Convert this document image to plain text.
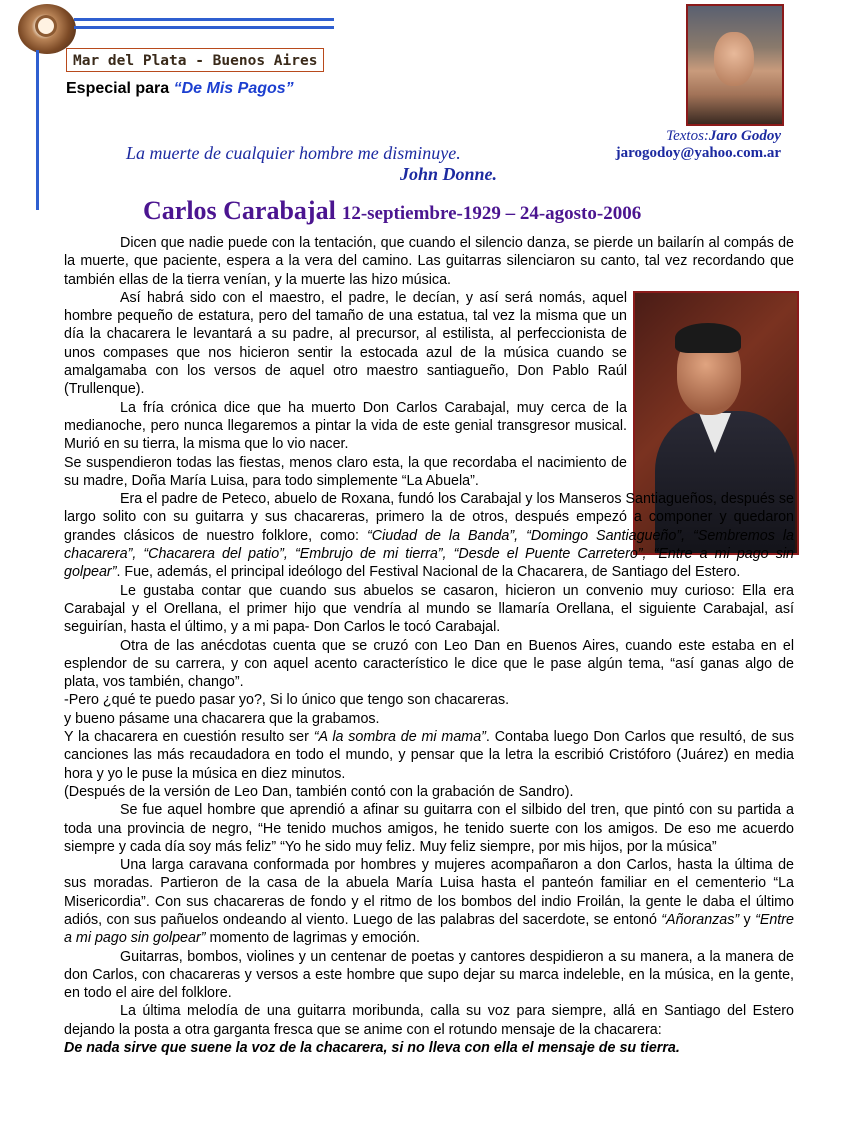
Mar del Plata - Buenos Aires
Especial para “De Mis Pagos”
Textos:Jaro Godoy
jarogodoy@yahoo.com.ar
La muerte de cualquier hombre me disminuye.
John Donne.
Carlos Carabajal 12-septiembre-1929 – 24-agosto-2006

Dicen que nadie puede con la tentación, que cuando el silencio danza, se pierde un bailarín al compás de la muerte, que paciente, espera a la vera del camino. Las guitarras silenciaron su canto, tal vez recordando que también ellas de la tierra venían, y la muerte las hizo música.

Así habrá sido con el maestro, el padre, le decían, y así será nomás, aquel hombre pequeño de estatura, pero del tamaño de una estatua, tal vez la misma que un día la chacarera le levantará a su padre, al precursor, al estilista, al perfeccionista de unos compases que nos hicieron sentir la estocada azul de la música cuando se amalgamaba con los versos de aquel otro maestro santiagueño, Don Pablo Raúl (Trullenque).

La fría crónica dice que ha muerto Don Carlos Carabajal, muy cerca de la medianoche, pero nunca llegaremos a pintar la vida de este genial transgresor musical. Murió en su tierra, la misma que lo vio nacer.

Se suspendieron todas las fiestas, menos claro esta, la que recordaba el nacimiento de su madre, Doña María Luisa, para todo simplemente “La Abuela”.

Era el padre de Peteco, abuelo de Roxana, fundó los Carabajal y los Manseros Santiagueños, después se largo solito con su guitarra y sus chacareras, primero la de otros, después empezó a componer y quedaron grandes clásicos de nuestro folklore, como: “Ciudad de la Banda”, “Domingo Santiagueño”, “Sembremos la chacarera”, “Chacarera del patio”, “Embrujo de mi tierra”, “Desde el Puente Carretero”, “Entre a mi pago sin golpear”. Fue, además, el principal ideólogo del Festival Nacional de la Chacarera, de Santiago del Estero.

Le gustaba contar que cuando sus abuelos se casaron, hicieron un convenio muy curioso: Ella era Carabajal y el Orellana, el primer hijo que vendría al mundo se llamaría Orellana, el siguiente Carabajal, así seguirían, hasta el último, y a mi papa- Don Carlos le tocó Carabajal.

Otra de las anécdotas cuenta que se cruzó con Leo Dan en Buenos Aires, cuando este estaba en el esplendor de su carrera, y con aquel acento característico le dice que le pase algún tema, “así ganas algo de plata, vos también, chango”.

-Pero ¿qué te puedo pasar yo?, Si lo único que tengo son chacareras.

y bueno pásame una chacarera que la grabamos.

Y la chacarera en cuestión resulto ser “A la sombra de mi mama”. Contaba luego Don Carlos que resultó, de sus canciones las más recaudadora en todo el mundo, y pensar que la letra la escribió Cristóforo (Juárez) en media hora y yo le puse la música en diez minutos.

(Después de la versión de Leo Dan, también contó con la grabación de Sandro).

Se fue aquel hombre que aprendió a afinar su guitarra con el silbido del tren, que pintó con su partida a toda una provincia de negro, “He tenido muchos amigos, he tenido suerte con los amigos. De eso me acuerdo siempre y cada día soy más feliz” “Yo he sido muy feliz. Muy feliz siempre, por mis hijos, por la música”

Una larga caravana conformada por hombres y mujeres acompañaron a don Carlos, hasta la última de sus moradas. Partieron de la casa de la abuela María Luisa hasta el panteón familiar en el cementerio “La Misericordia”. Con sus chacareras de fondo y el ritmo de los bombos del indio Froilán, la gente le daba el último adiós, con sus pañuelos ondeando al viento. Luego de las palabras del sacerdote, se entonó “Añoranzas” y “Entre a mi pago sin golpear” momento de lagrimas y emoción.

Guitarras, bombos, violines y un centenar de poetas y cantores despidieron a su manera, a la manera de don Carlos, con chacareras y versos a este hombre que supo dejar su marca indeleble, en la música, en la gente, en todo el aire del folklore.

La última melodía de una guitarra moribunda, calla su voz para siempre, allá en Santiago del Estero dejando la posta a otra garganta fresca que se anime con el rotundo mensaje de la chacarera:

De nada sirve que suene la voz de la chacarera, si no lleva con ella el mensaje de su tierra.
